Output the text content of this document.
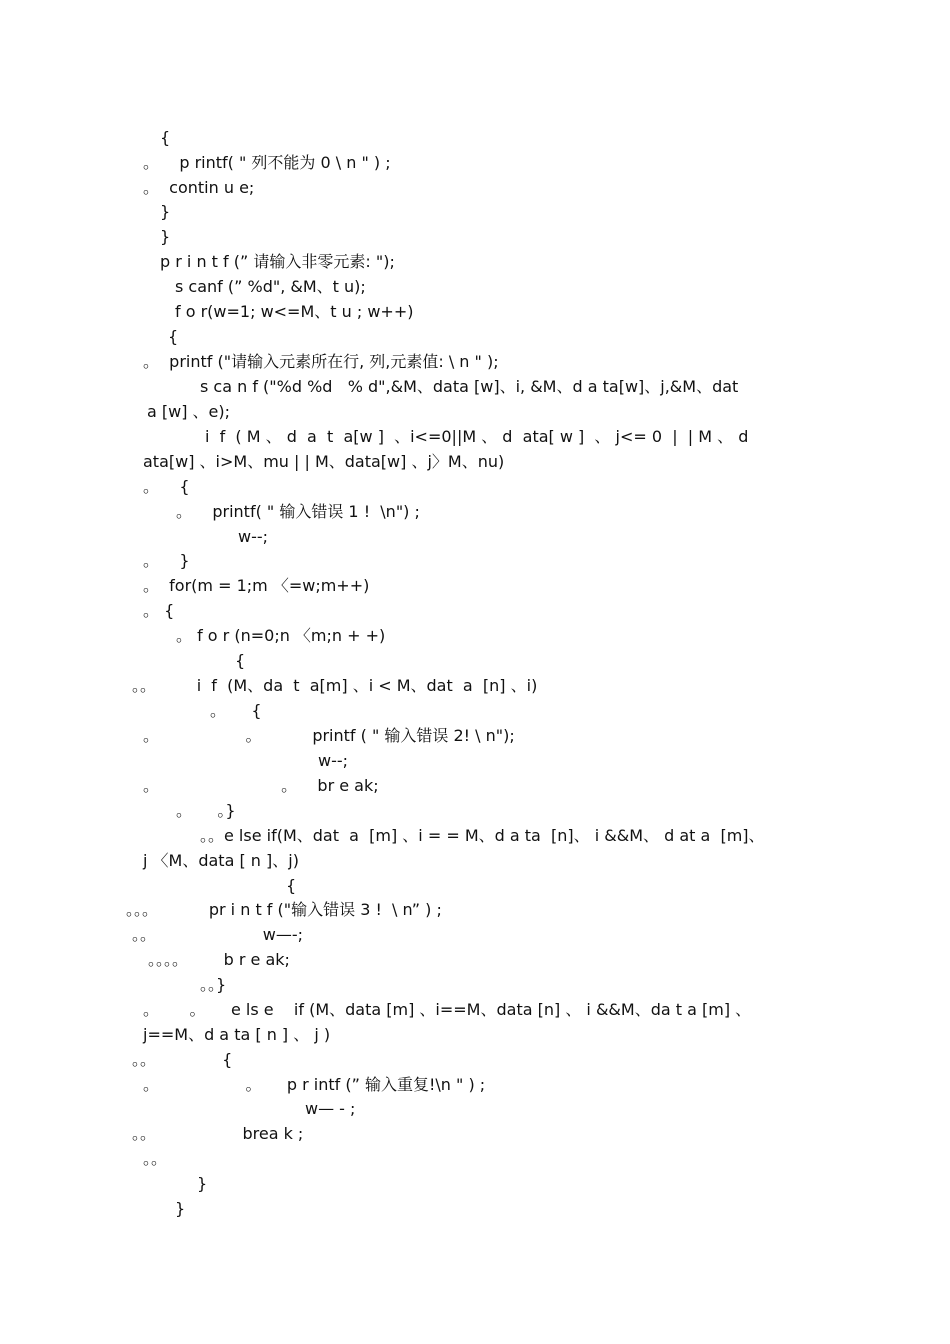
{
。    p rintf( " 列不能为 0 \ n " ) ;
。  contin u e;
}
}
p r i n t f (” 请输入非零元素: ");
s canf (” %d", &M、t u);
f o r(w=1; w<=M、t u ; w++)
{
。  printf ("请输入元素所在行, 列,元素值: \ n " );
s ca n f ("%d %d   % d",&M、data [w]、i, &M、d a ta[w]、j,&M、dat
a [w] 、e);
i  f  ( M 、 d  a  t  a[w ]  、i<=0||M 、 d  ata[ w ]  、 j<= 0  |  | M 、 d
ata[w] 、i>M、mu | | M、data[w] 、j〉M、nu)
。    {
。    printf( " 输入错误 1 !  \n") ;
w--;
。    }
。  for(m = 1;m 〈=w;m++)
。 {
。 f o r (n=0;n 〈m;n + +)
{
。。        i  f  (M、da  t  a[m] 、i < M、dat  a  [n] 、i)
。     {
。                 。          printf ( " 输入错误 2! \ n");
w--;
。                        。    br e ak;
。     。}
。。e lse if(M、dat  a  [m] 、i = = M、d a ta  [n]、 i &&M、 d at a  [m]、
j 〈M、data [ n ]、j)
{
。。。          pr i n t f ("输入错误 3 !  \ n” ) ;
。。                     w—-;
。。。。       b r e ak;
。。}
。      。     e ls e    if (M、data [m] 、i==M、data [n] 、 i &&M、da t a [m] 、
j==M、d a ta [ n ] 、 j )
。。             {
。                 。     p r intf (” 输入重复!\n " ) ;
w— - ;
。。                 brea k ;
。。
}
}
